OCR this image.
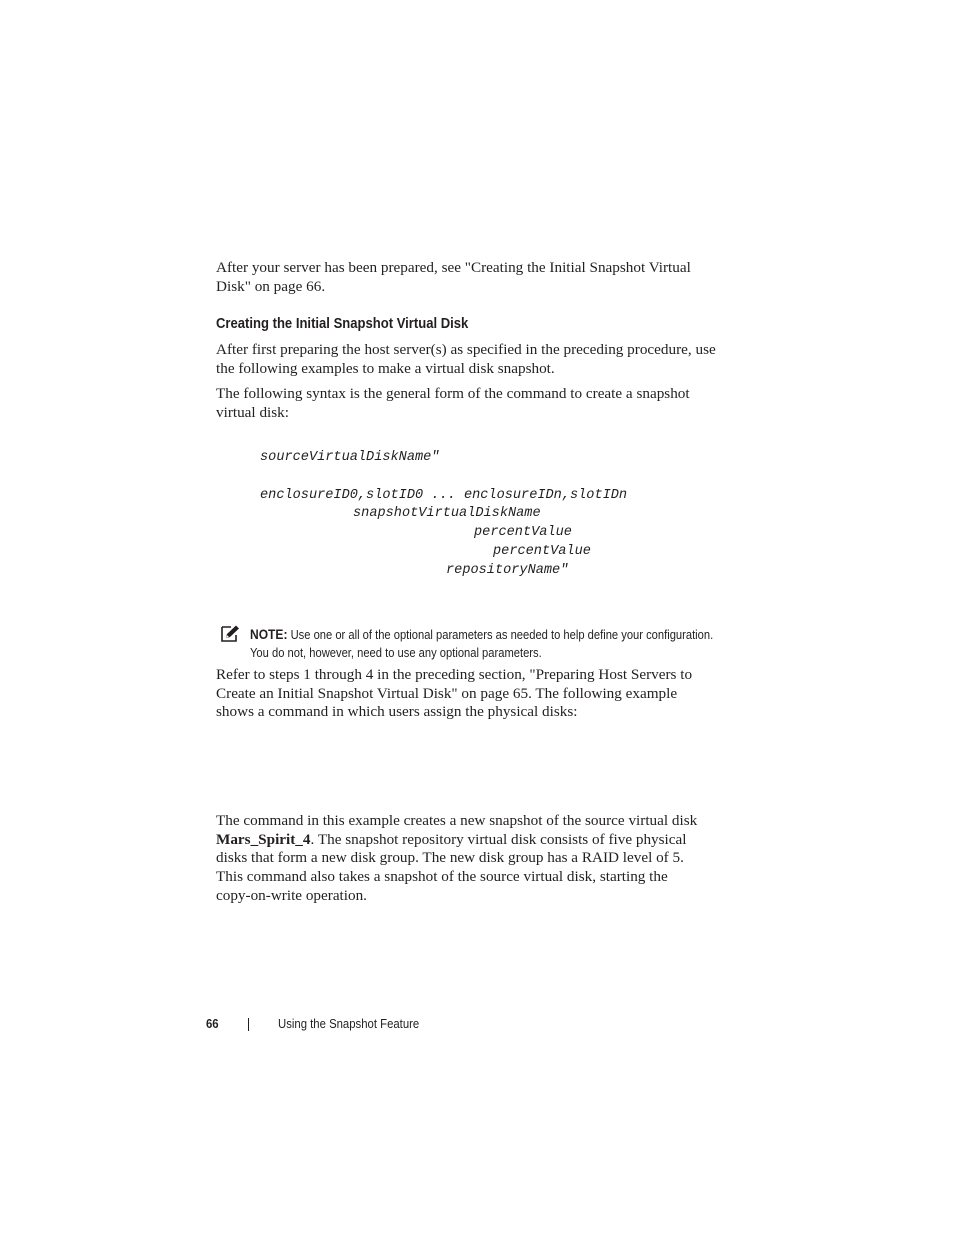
After your server has been prepared, see "Creating the Initial Snapshot Virtual Disk" on page 66.

Creating the Initial Snapshot Virtual Disk

After first preparing the host server(s) as specified in the preceding procedure, use the following examples to make a virtual disk snapshot.

The following syntax is the general form of the command to create a snapshot virtual disk:

sourceVirtualDiskName"
enclosureID0,slotID0 ... enclosureIDn,slotIDn
snapshotVirtualDiskName
percentValue
percentValue
repositoryName"
NOTE: Use one or all of the optional parameters as needed to help define your configuration. You do not, however, need to use any optional parameters.

Refer to steps 1 through 4 in the preceding section, "Preparing Host Servers to Create an Initial Snapshot Virtual Disk" on page 65. The following example shows a command in which users assign the physical disks:

The command in this example creates a new snapshot of the source virtual disk Mars_Spirit_4. The snapshot repository virtual disk consists of five physical disks that form a new disk group. The new disk group has a RAID level of 5. This command also takes a snapshot of the source virtual disk, starting the copy-on-write operation.

66	Using the Snapshot Feature
